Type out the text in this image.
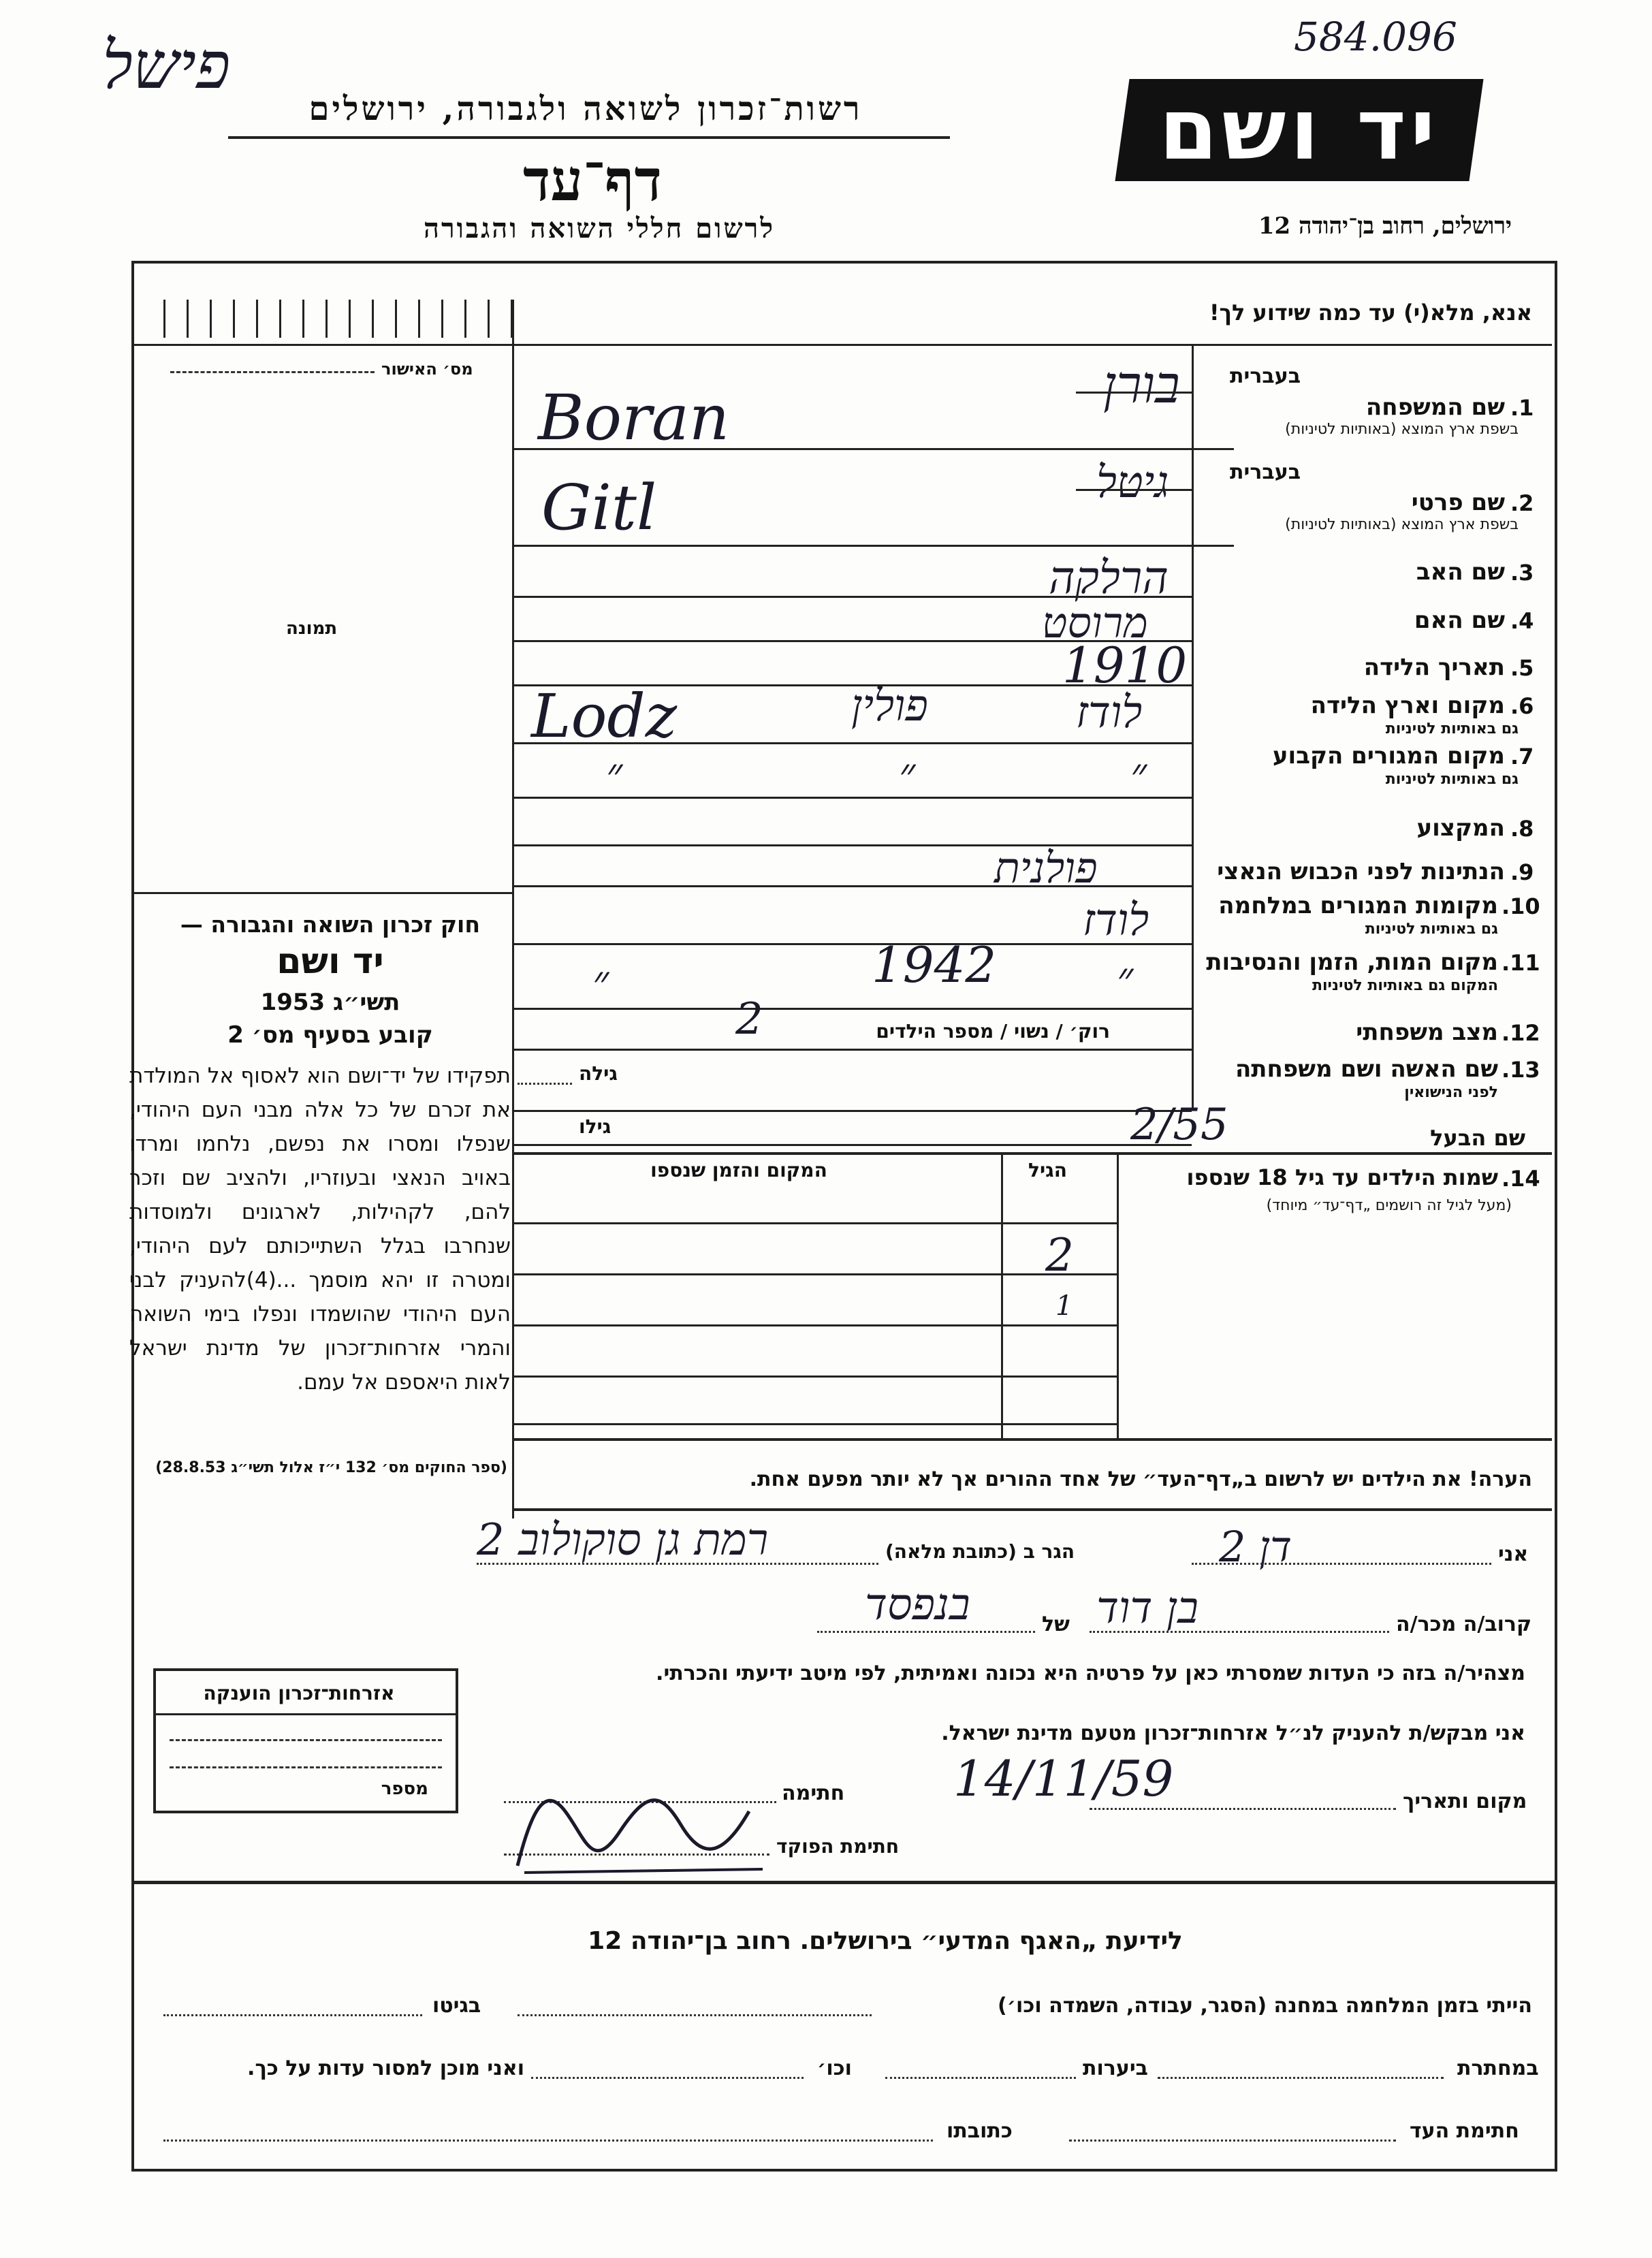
584.096
פישל
רשות־זכרון לשואה ולגבורה, ירושלים
דף־עד
לרשום חללי השואה והגבורה
יד ושם
ירושלים, רחוב בן־יהודה 12
מס׳ האישור
תמונה
חוק זכרון השואה והגבורה —
יד ושם
תשי״ג 1953
קובע בסעיף מס׳ 2
תפקידו של יד־ושם הוא לאסוף אל המולדת את זכרם של כל אלה מבני העם היהודי, שנפלו ומסרו את נפשם, נלחמו ומרדו באויב הנאצי ובעוזריו, ולהציב שם וזכר להם, לקהילות, לארגונים ולמוסדות שנחרבו בגלל השתייכותם לעם היהודי, ומטרה זו יהא מוסמך ...(4)להעניק לבני העם היהודי שהושמדו ונפלו בימי השואה והמרי אזרחות־זכרון של מדינת ישראל לאות היאספם אל עמם.
(ספר החוקים מס׳ 132 י״ז אלול תשי״ג 28.8.53)
אנא, מלא(י) עד כמה שידוע לך!
בעברית
1.
שם המשפחה
בשפת ארץ המוצא (באותיות לטיניות)
בורן
Boran
בעברית
2.
שם פרטי
בשפת ארץ המוצא (באותיות לטיניות)
גיטל
Gitl
3.
שם האב
הרלקה
4.
שם האם
מרוסט
5.
תאריך הלידה
1910
6.
מקום וארץ הלידה
גם באותיות לטיניות
לודז
פולין
Lodz
7.
מקום המגורים הקבוע
גם באותיות לטיניות
״
״
״
8.
המקצוע
9.
הנתינות לפני הכבוש הנאצי
פולנית
10.
מקומות המגורים במלחמה
גם באותיות לטיניות
לודז
11.
מקום המות, הזמן והנסיבות
המקום גם באותיות לטיניות
1942	״
״
12.
מצב משפחתי
רוק׳ / נשוי / מספר הילדים
2
13.
שם האשה ושם משפחתה
לפני הנישואין
גילה
שם הבעל
גילו	2/55
14.
שמות הילדים עד גיל 18 שנספו
(מעל לגיל זה רושמים „דף־עד״ מיוחד)
הגיל
המקום והזמן שנספו
2
1
הערה! את הילדים יש לרשום ב„דף־העד״ של אחד ההורים אך לא יותר מפעם אחת.
אני
דן 2
הגר ב (כתובת מלאה)
רמת גן סוקולוב 2
קרוב/ה מכר/ה
בן דוד
של
בנפסד
מצהיר/ה בזה כי העדות שמסרתי כאן על פרטיה היא נכונה ואמיתית, לפי מיטב ידיעתי והכרתי.
אני מבקש/ת להעניק לנ״ל אזרחות־זכרון מטעם מדינת ישראל.
מקום ותאריך
14/11/59
חתימה
חתימת הפוקד
אזרחות־זכרון הוענקה
מספר
לידיעת „האגף המדעי״ בירושלים. רחוב בן־יהודה 12
הייתי בזמן המלחמה במחנה (הסגר, עבודה, השמדה וכו׳)
בגיטו
במחתרת
ביערות
וכו׳
ואני מוכן למסור עדות על כך.
חתימת העד
כתובתו
